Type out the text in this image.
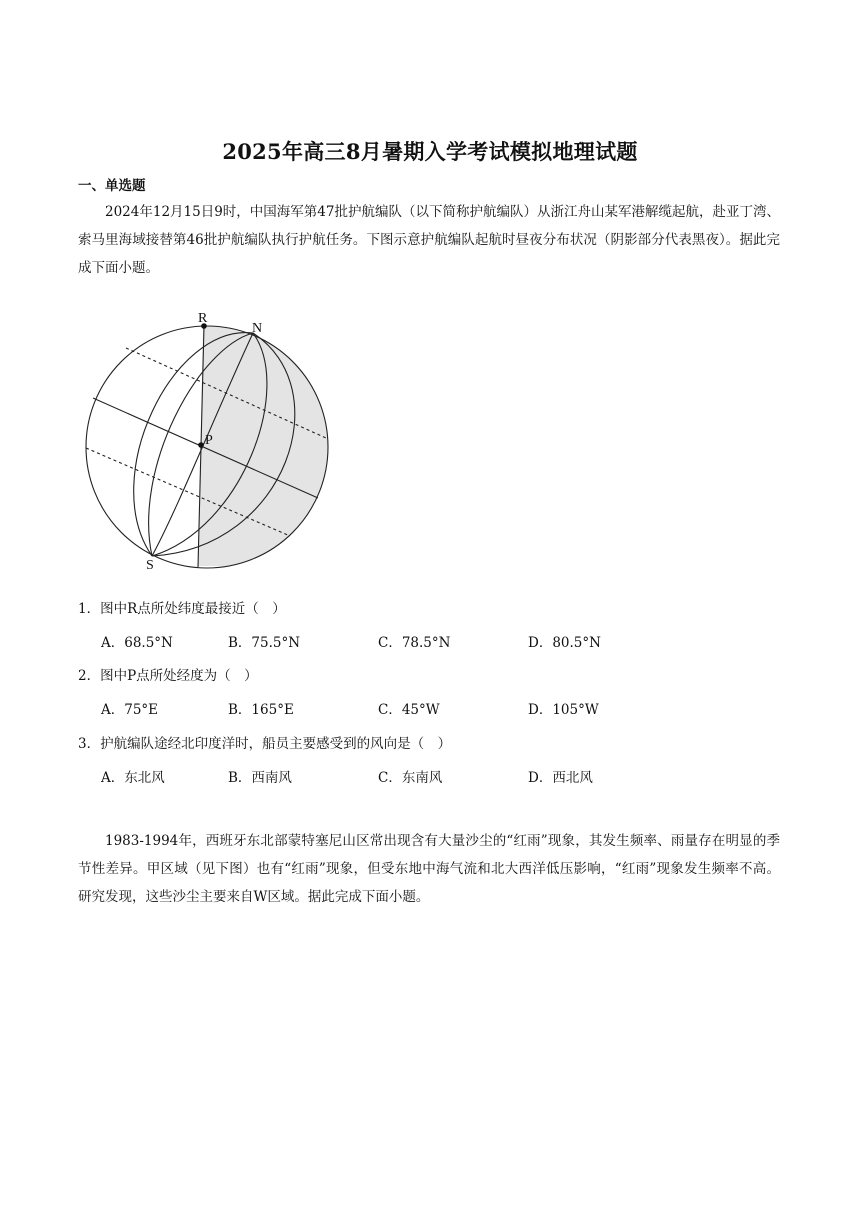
2025年高三8月暑期入学考试模拟地理试题
一、单选题
2024年12月15日9时，中国海军第47批护航编队（以下简称护航编队）从浙江舟山某军港解缆起航，赴亚丁湾、索马里海域接替第46批护航编队执行护航任务。下图示意护航编队起航时昼夜分布状况（阴影部分代表黑夜）。据此完成下面小题。
R
N
P
S
1．图中R点所处纬度最接近（　）
A．68.5°N	B．75.5°N	C．78.5°N	D．80.5°N
2．图中P点所处经度为（　）
A．75°E	B．165°E	C．45°W	D．105°W
3．护航编队途经北印度洋时，船员主要感受到的风向是（　）
A．东北风	B．西南风	C．东南风	D．西北风
1983-1994年，西班牙东北部蒙特塞尼山区常出现含有大量沙尘的“红雨”现象，其发生频率、雨量存在明显的季节性差异。甲区域（见下图）也有“红雨”现象，但受东地中海气流和北大西洋低压影响，“红雨”现象发生频率不高。研究发现，这些沙尘主要来自W区域。据此完成下面小题。
